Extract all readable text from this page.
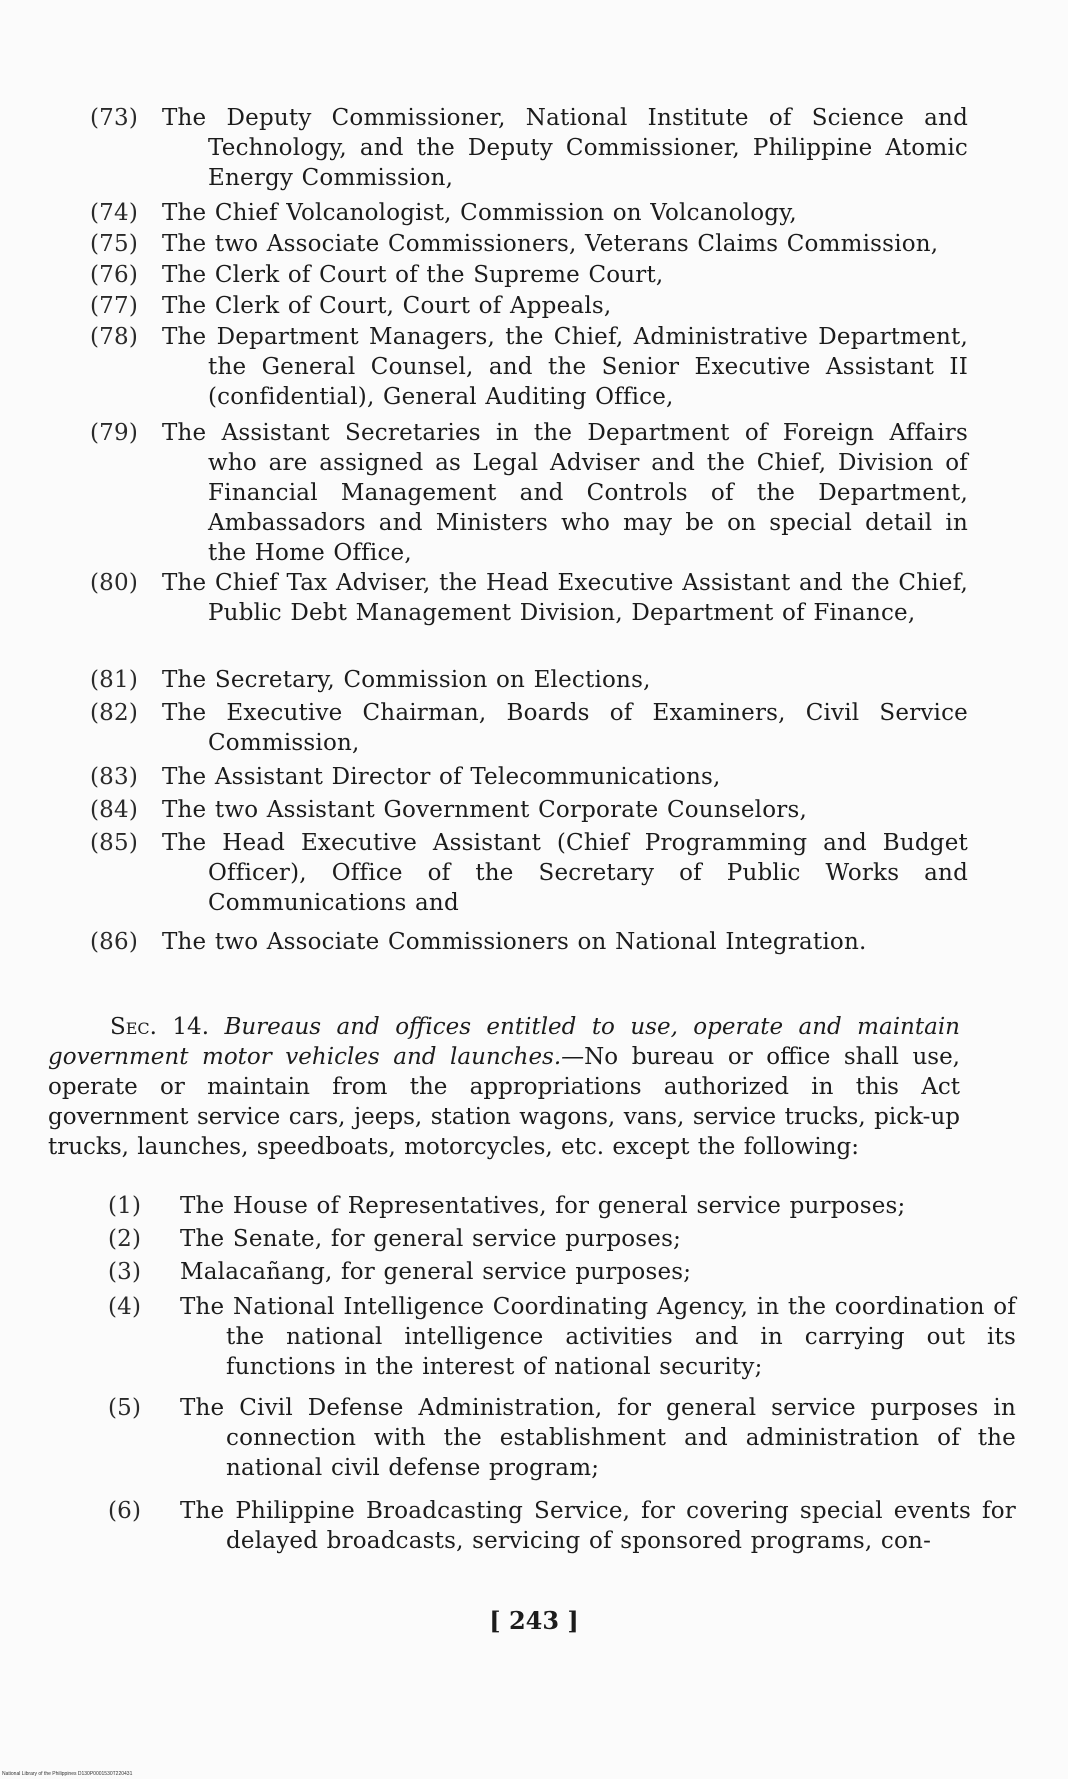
(73)	The Deputy Commissioner, National Institute of Science and Technology, and the Deputy Commissioner, Philippine Atomic Energy Commission,
(74)	The Chief Volcanologist, Commission on Volcanology,
(75)	The two Associate Commissioners, Veterans Claims Commission,
(76)	The Clerk of Court of the Supreme Court,
(77)	The Clerk of Court, Court of Appeals,
(78)	The Department Managers, the Chief, Administrative Department, the General Counsel, and the Senior Executive Assistant II (confidential), General Auditing Office,
(79)	The Assistant Secretaries in the Department of Foreign Affairs who are assigned as Legal Adviser and the Chief, Division of Financial Management and Controls of the Department, Ambassadors and Ministers who may be on special detail in the Home Office,
(80)	The Chief Tax Adviser, the Head Executive Assistant and the Chief, Public Debt Management Division, Department of Finance,
(81)	The Secretary, Commission on Elections,
(82)	The Executive Chairman, Boards of Examiners, Civil Service Commission,
(83)	The Assistant Director of Telecommunications,
(84)	The two Assistant Government Corporate Counselors,
(85)	The Head Executive Assistant (Chief Programming and Budget Officer), Office of the Secretary of Public Works and Communications and
(86)	The two Associate Commissioners on National Integration.
Sec. 14. Bureaus and offices entitled to use, operate and maintain government motor vehicles and launches.—No bureau or office shall use, operate or maintain from the appropriations authorized in this Act government service cars, jeeps, station wagons, vans, service trucks, pick-up trucks, launches, speedboats, motorcycles, etc. except the following:
(1)	The House of Representatives, for general service purposes;
(2)	The Senate, for general service purposes;
(3)	Malacañang, for general service purposes;
(4)	The National Intelligence Coordinating Agency, in the coordination of the national intelligence activities and in carrying out its functions in the interest of national security;
(5)	The Civil Defense Administration, for general service purposes in connection with the establishment and administration of the national civil defense program;
(6)	The Philippine Broadcasting Service, for covering special events for delayed broadcasts, servicing of sponsored programs, con-
[ 243 ]
National Library of the Philippines D130P0001530T220431
